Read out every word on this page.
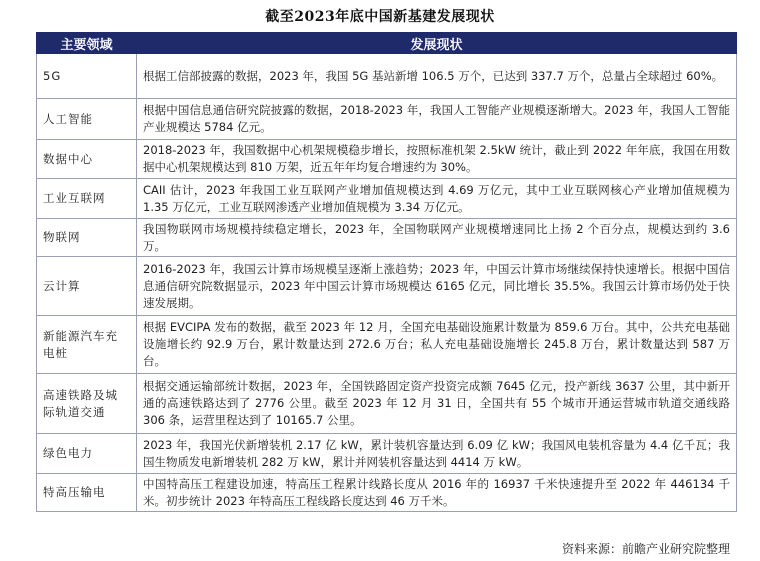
截至2023年底中国新基建发展现状
主要领域	发展现状
5G	根据工信部披露的数据，2023 年，我国 5G 基站新增 106.5 万个，已达到 337.7 万个，总量占全球超过 60%。
人工智能	根据中国信息通信研究院披露的数据，2018-2023 年，我国人工智能产业规模逐渐增大。2023 年，我国人工智能产业规模达 5784 亿元。
数据中心	2018-2023 年，我国数据中心机架规模稳步增长，按照标准机架 2.5kW 统计，截止到 2022 年年底，我国在用数据中心机架规模达到 810 万架，近五年年均复合增速约为 30%。
工业互联网	CAII 估计，2023 年我国工业互联网产业增加值规模达到 4.69 万亿元，其中工业互联网核心产业增加值规模为 1.35 万亿元，工业互联网渗透产业增加值规模为 3.34 万亿元。
物联网	我国物联网市场规模持续稳定增长，2023 年，全国物联网产业规模增速同比上扬 2 个百分点，规模达到约 3.6 万。
云计算	2016-2023 年，我国云计算市场规模呈逐渐上涨趋势；2023 年，中国云计算市场继续保持快速增长。根据中国信息通信研究院数据显示，2023 年中国云计算市场规模达 6165 亿元，同比增长 35.5%。我国云计算市场仍处于快速发展期。
新能源汽车充电桩	根据 EVCIPA 发布的数据，截至 2023 年 12 月，全国充电基础设施累计数量为 859.6 万台。其中，公共充电基础设施增长约 92.9 万台，累计数量达到 272.6 万台；私人充电基础设施增长 245.8 万台，累计数量达到 587 万台。
高速铁路及城际轨道交通	根据交通运输部统计数据，2023 年，全国铁路固定资产投资完成额 7645 亿元，投产新线 3637 公里，其中新开通的高速铁路达到了 2776 公里。截至 2023 年 12 月 31 日，全国共有 55 个城市开通运营城市轨道交通线路 306 条，运营里程达到了 10165.7 公里。
绿色电力	2023 年，我国光伏新增装机 2.17 亿 kW，累计装机容量达到 6.09 亿 kW；我国风电装机容量为 4.4 亿千瓦；我国生物质发电新增装机 282 万 kW，累计并网装机容量达到 4414 万 kW。
特高压输电	中国特高压工程建设加速，特高压工程累计线路长度从 2016 年的 16937 千米快速提升至 2022 年 446134 千米。初步统计 2023 年特高压工程线路长度达到 46 万千米。
资料来源：前瞻产业研究院整理
